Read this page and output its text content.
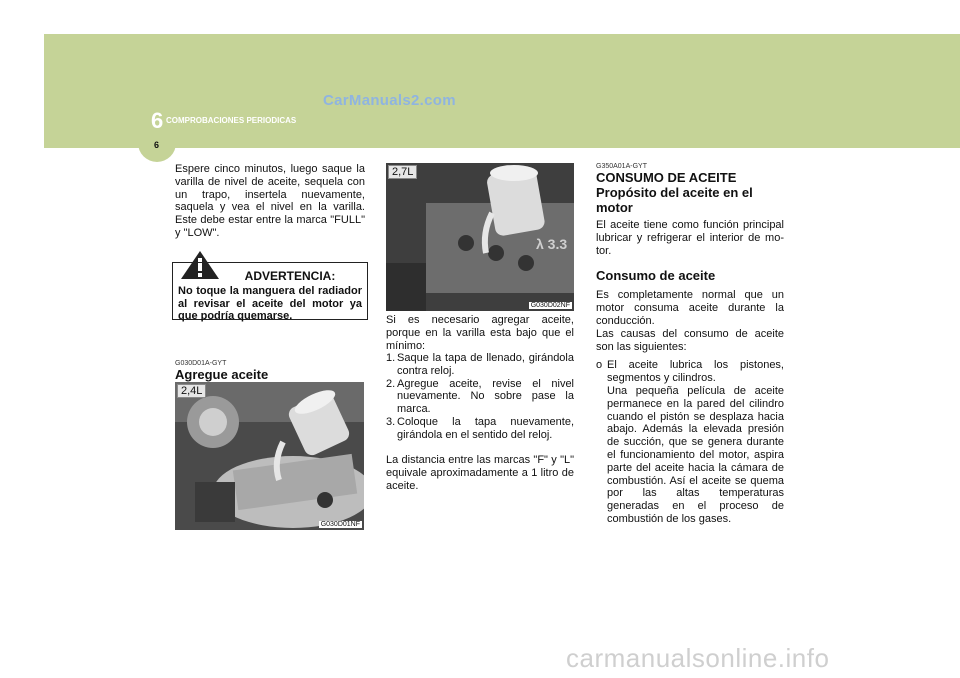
6 COMPROBACIONES PERIODICAS
6
CarManuals2.com
Espere cinco minutos, luego saque la varilla de nivel de aceite, sequela con un trapo, insertela nuevamente, saquela y vea el nivel en la varilla. Este debe estar entre la marca "FULL" y "LOW".
ADVERTENCIA:
No toque la manguera del radiador al revisar el aceite del motor ya que podría quemarse.
G030D01A-GYT
Agregue aceite
2,4L
G030D01NF
λ 3.3
2,7L
G030D02NF
Si es necesario agregar aceite, porque en la varilla esta bajo que el mínimo:
1. Saque la tapa de llenado, girándola contra reloj.
2. Agregue aceite, revise el nivel nuevamente. No sobre pase la marca.
3. Coloque la tapa nuevamente, girándola en el sentido del reloj.
La distancia entre las marcas "F" y "L" equivale aproximadamente a 1 litro de aceite.
G350A01A-GYT
CONSUMO DE ACEITE
Propósito del aceite en el motor
El aceite tiene como función principal lubricar y refrigerar el interior de mo-tor.
Consumo de aceite
Es completamente normal que un motor consuma aceite durante la conducción.
Las causas del consumo de aceite son las siguientes:
o El aceite lubrica los pistones, segmentos y cilindros.
Una pequeña película de aceite permanece en la pared del cilindro cuando el pistón se desplaza hacia abajo. Además la elevada presión de succión, que se genera durante el funcionamiento del motor, aspira parte del aceite hacia la cámara de combustión. Así el aceite se quema por las altas temperaturas generadas en el proceso de combustión de los gases.
carmanualsonline.info
